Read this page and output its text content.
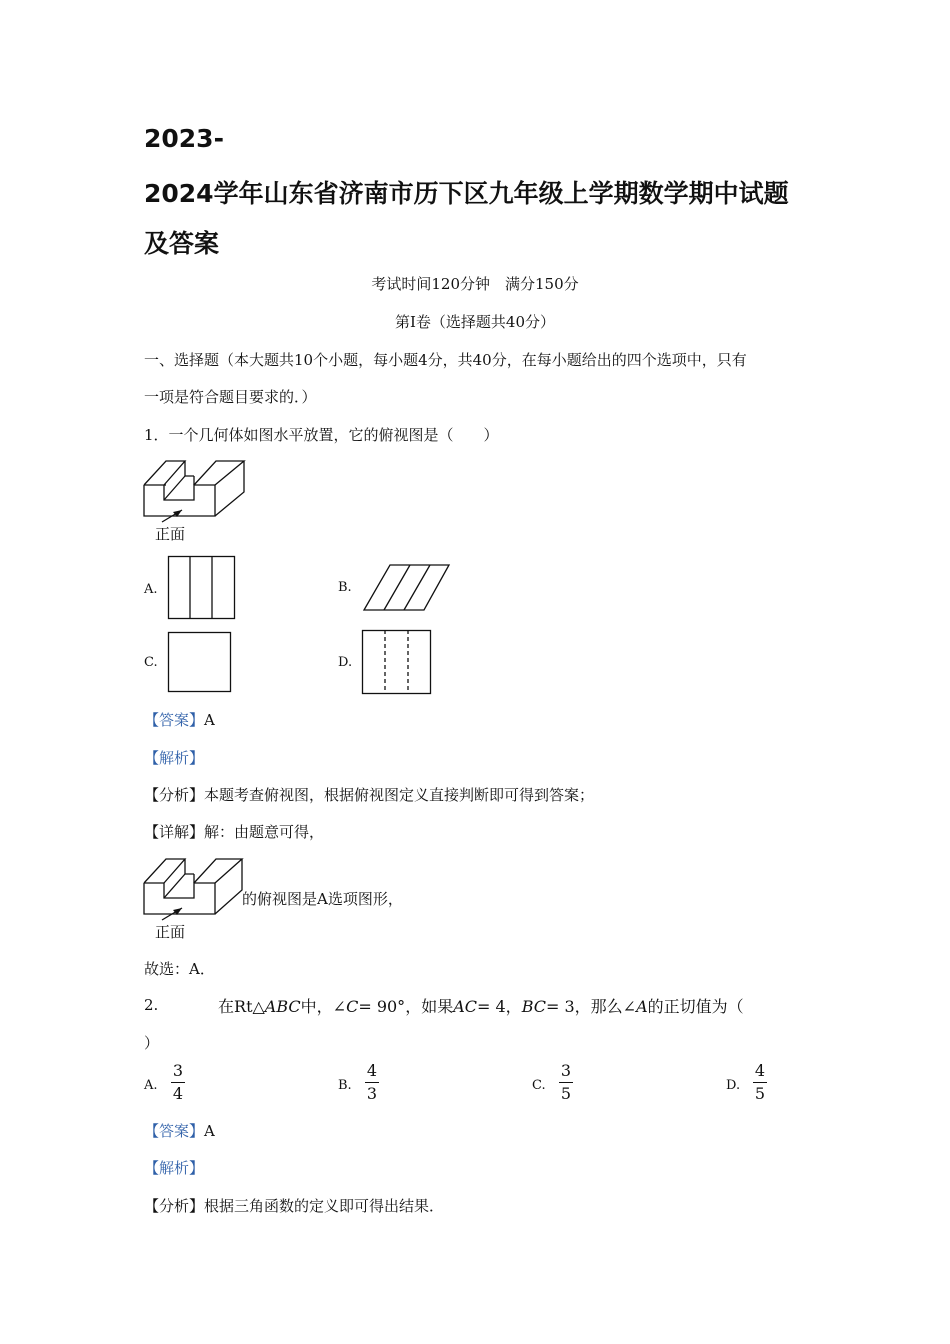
2023-
2024学年山东省济南市历下区九年级上学期数学期中试题
及答案
考试时间120分钟　满分150分
第I卷（选择题共40分）
一、选择题（本大题共10个小题，每小题4分，共40分，在每小题给出的四个选项中，只有
一项是符合题目要求的．）
1．一个几何体如图水平放置，它的俯视图是（　　）
正面
A.	B.
C.	D.
【答案】A
【解析】
【分析】本题考查俯视图，根据俯视图定义直接判断即可得到答案；
【详解】解：由题意可得，
的俯视图是A选项图形，
正面
故选：A．
2.	在Rt△ABC中，∠C= 90°，如果AC= 4，BC= 3，那么∠A的正切值为（
）
A.
3
4	B.
4
3	C.
3
5	D.
4
5
【答案】A
【解析】
【分析】根据三角函数的定义即可得出结果．
